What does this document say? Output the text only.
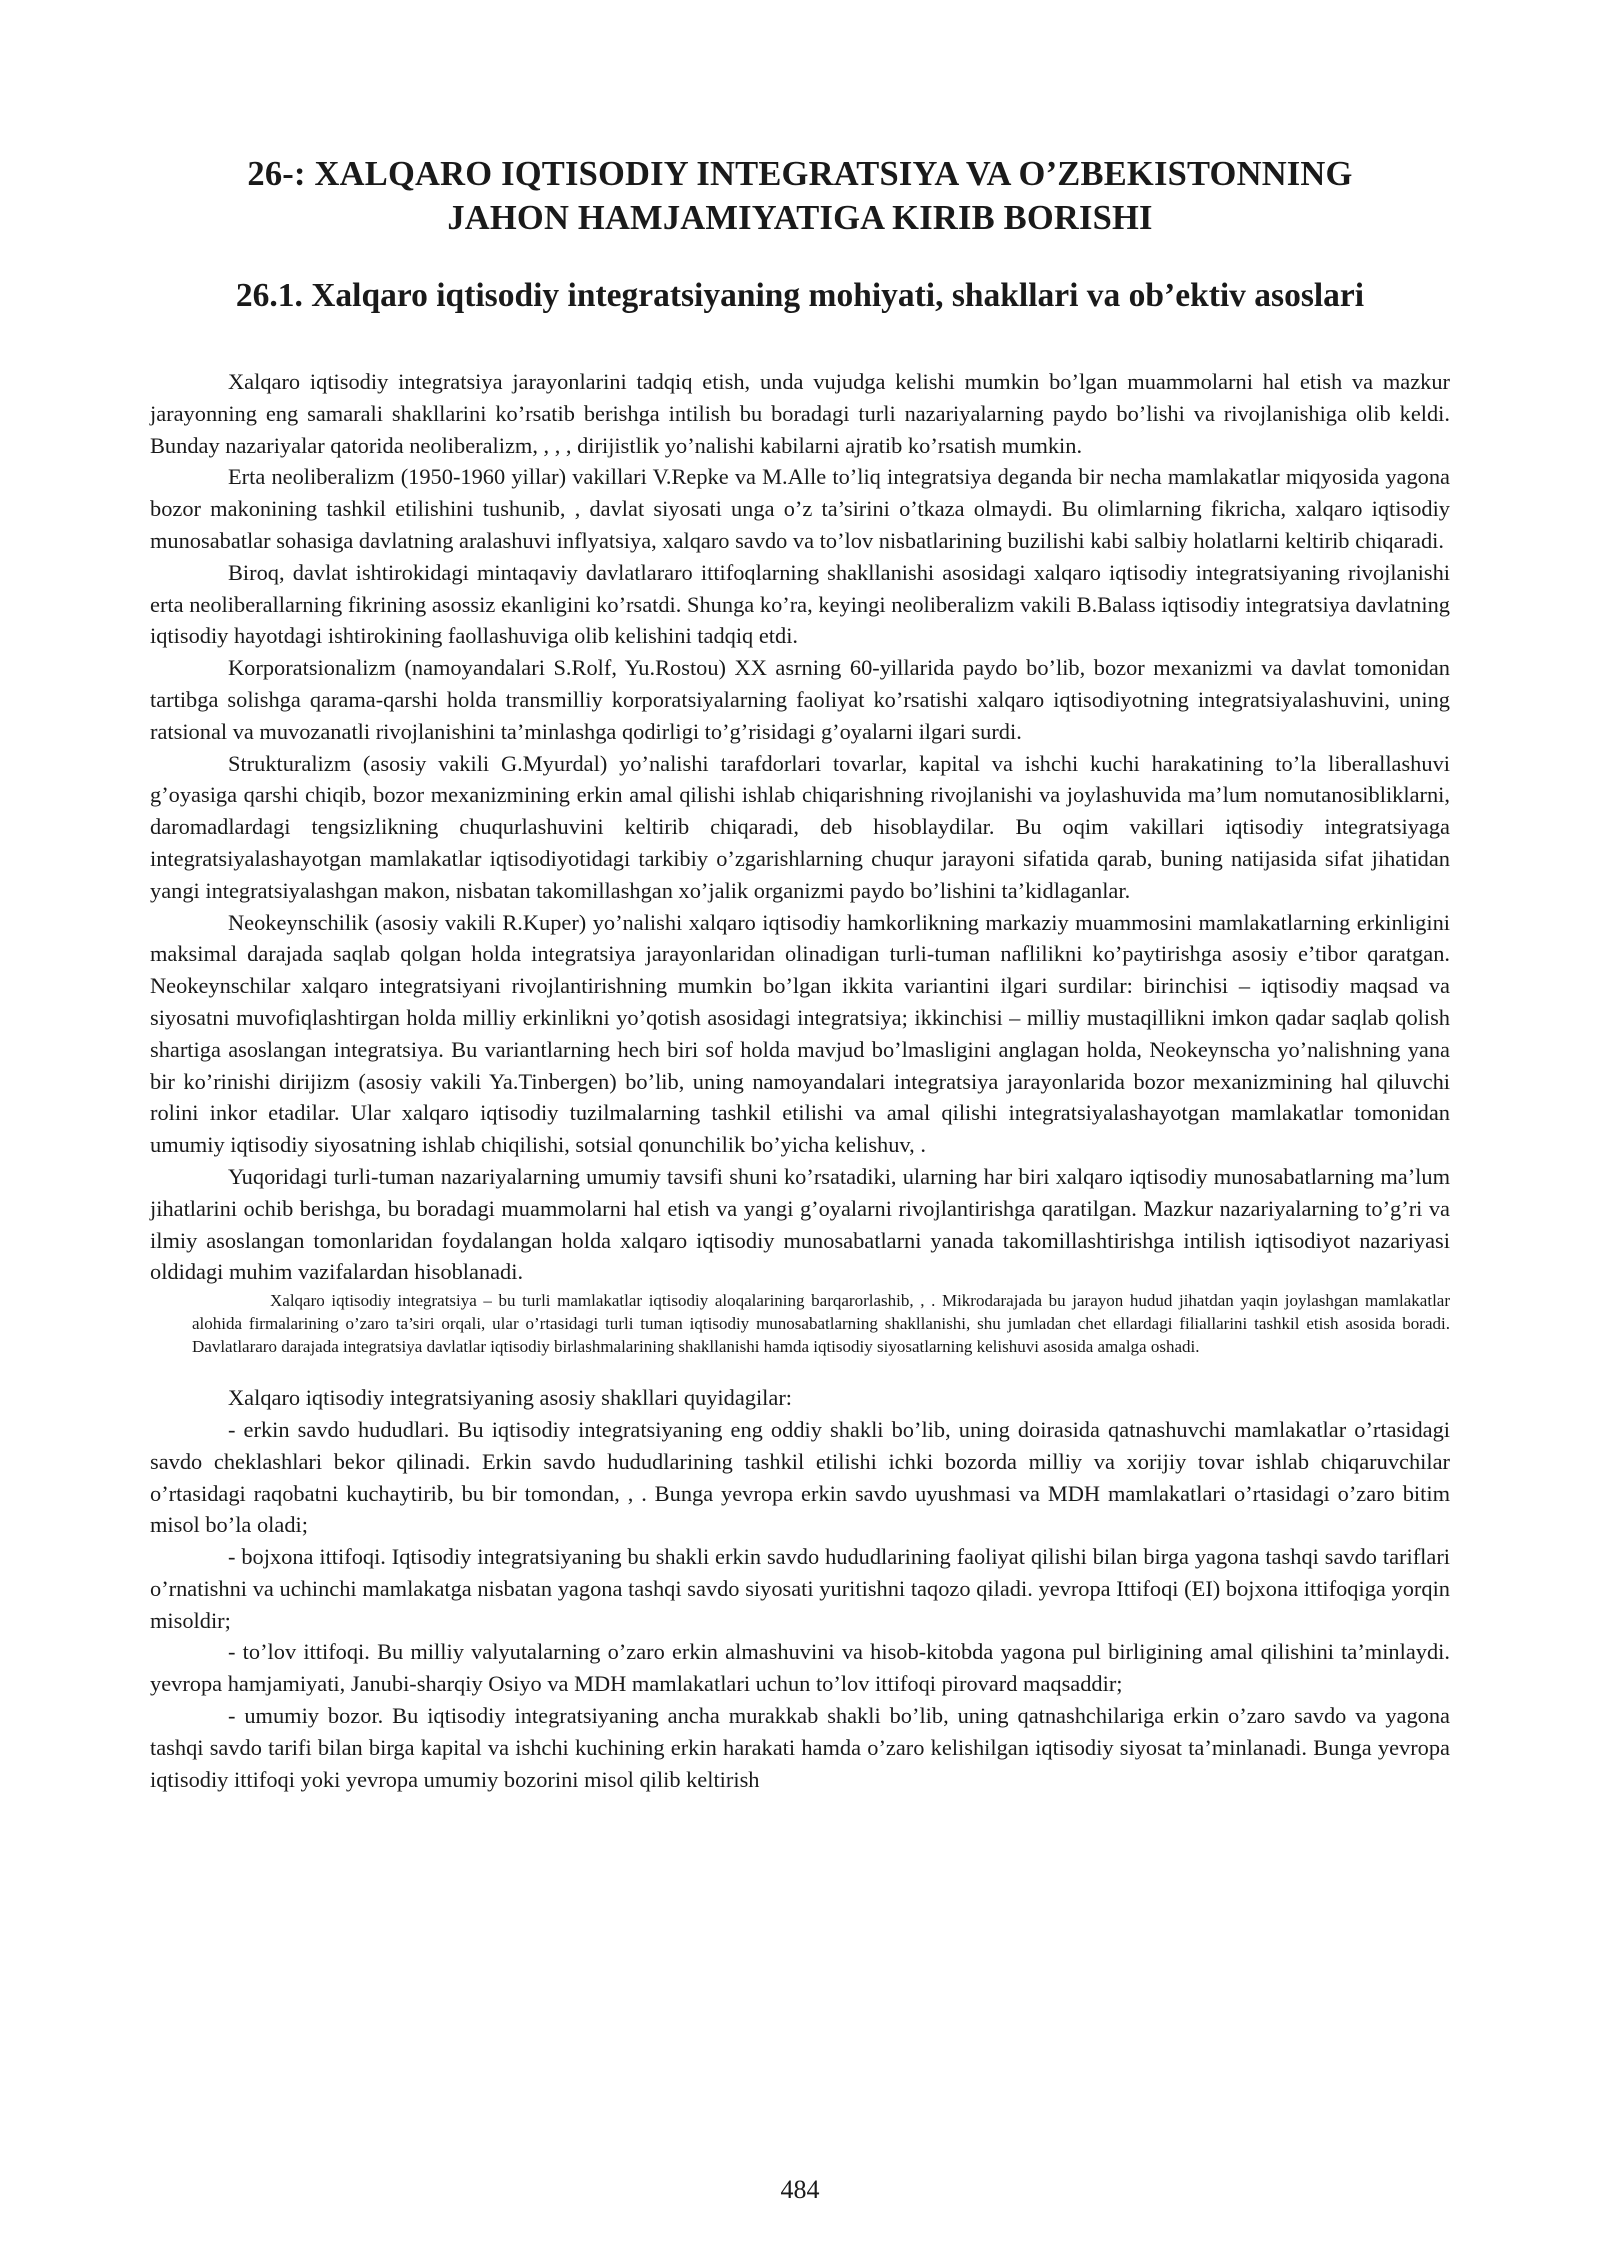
26-: XALQARO IQTISODIY INTEGRATSIYA VA O’ZBEKISTONNING
JAHON HAMJAMIYATIGA KIRIB BORISHI
26.1. Xalqaro iqtisodiy integratsiyaning mohiyati, shakllari va ob’ektiv asoslari

Xalqaro iqtisodiy integratsiya jarayonlarini tadqiq etish, unda vujudga kelishi mumkin bo’lgan muammolarni hal etish va mazkur jarayonning eng samarali shakllarini ko’rsatib berishga intilish bu boradagi turli nazariyalarning paydo bo’lishi va rivojlanishiga olib keldi. Bunday nazariyalar qatorida neoliberalizm, , , , dirijistlik yo’nalishi kabilarni ajratib ko’rsatish mumkin.

Erta neoliberalizm (1950-1960 yillar) vakillari V.Repke va M.Alle to’liq integratsiya deganda bir necha mamlakatlar miqyosida yagona bozor makonining tashkil etilishini tushunib, , davlat siyosati unga o’z ta’sirini o’tkaza olmaydi. Bu olimlarning fikricha, xalqaro iqtisodiy munosabatlar sohasiga davlatning aralashuvi inflyatsiya, xalqaro savdo va to’lov nisbatlarining buzilishi kabi salbiy holatlarni keltirib chiqaradi.

Biroq, davlat ishtirokidagi mintaqaviy davlatlararo ittifoqlarning shakllanishi asosidagi xalqaro iqtisodiy integratsiyaning rivojlanishi erta neoliberallarning fikrining asossiz ekanligini ko’rsatdi. Shunga ko’ra, keyingi neoliberalizm vakili B.Balass iqtisodiy integratsiya davlatning iqtisodiy hayotdagi ishtirokining faollashuviga olib kelishini tadqiq etdi.

Korporatsionalizm (namoyandalari S.Rolf, Yu.Rostou) XX asrning 60-yillarida paydo bo’lib, bozor mexanizmi va davlat tomonidan tartibga solishga qarama-qarshi holda transmilliy korporatsiyalarning faoliyat ko’rsatishi xalqaro iqtisodiyotning integratsiyalashuvini, uning ratsional va muvozanatli rivojlanishini ta’minlashga qodirligi to’g’risidagi g’oyalarni ilgari surdi.

Strukturalizm (asosiy vakili G.Myurdal) yo’nalishi tarafdorlari tovarlar, kapital va ishchi kuchi harakatining to’la liberallashuvi g’oyasiga qarshi chiqib, bozor mexanizmining erkin amal qilishi ishlab chiqarishning rivojlanishi va joylashuvida ma’lum nomutanosibliklarni, daromadlardagi tengsizlikning chuqurlashuvini keltirib chiqaradi, deb hisoblaydilar. Bu oqim vakillari iqtisodiy integratsiyaga integratsiyalashayotgan mamlakatlar iqtisodiyotidagi tarkibiy o’zgarishlarning chuqur jarayoni sifatida qarab, buning natijasida sifat jihatidan yangi integratsiyalashgan makon, nisbatan takomillashgan xo’jalik organizmi paydo bo’lishini ta’kidlaganlar.

Neokeynschilik (asosiy vakili R.Kuper) yo’nalishi xalqaro iqtisodiy hamkorlikning markaziy muammosini mamlakatlarning erkinligini maksimal darajada saqlab qolgan holda integratsiya jarayonlaridan olinadigan turli-tuman naflilikni ko’paytirishga asosiy e’tibor qaratgan. Neokeynschilar xalqaro integratsiyani rivojlantirishning mumkin bo’lgan ikkita variantini ilgari surdilar: birinchisi – iqtisodiy maqsad va siyosatni muvofiqlashtirgan holda milliy erkinlikni yo’qotish asosidagi integratsiya; ikkinchisi – milliy mustaqillikni imkon qadar saqlab qolish shartiga asoslangan integratsiya. Bu variantlarning hech biri sof holda mavjud bo’lmasligini anglagan holda, Neokeynscha yo’nalishning yana bir ko’rinishi dirijizm (asosiy vakili Ya.Tinbergen) bo’lib, uning namoyandalari integratsiya jarayonlarida bozor mexanizmining hal qiluvchi rolini inkor etadilar. Ular xalqaro iqtisodiy tuzilmalarning tashkil etilishi va amal qilishi integratsiyalashayotgan mamlakatlar tomonidan umumiy iqtisodiy siyosatning ishlab chiqilishi, sotsial qonunchilik bo’yicha kelishuv, .

Yuqoridagi turli-tuman nazariyalarning umumiy tavsifi shuni ko’rsatadiki, ularning har biri xalqaro iqtisodiy munosabatlarning ma’lum jihatlarini ochib berishga, bu boradagi muammolarni hal etish va yangi g’oyalarni rivojlantirishga qaratilgan. Mazkur nazariyalarning to’g’ri va ilmiy asoslangan tomonlaridan foydalangan holda xalqaro iqtisodiy munosabatlarni yanada takomillashtirishga intilish iqtisodiyot nazariyasi oldidagi muhim vazifalardan hisoblanadi.

Xalqaro iqtisodiy integratsiya – bu turli mamlakatlar iqtisodiy aloqalarining barqarorlashib, , . Mikrodarajada bu jarayon hudud jihatdan yaqin joylashgan mamlakatlar alohida firmalarining o’zaro ta’siri orqali, ular o’rtasidagi turli tuman iqtisodiy munosabatlarning shakllanishi, shu jumladan chet ellardagi filiallarini tashkil etish asosida boradi. Davlatlararo darajada integratsiya davlatlar iqtisodiy birlashmalarining shakllanishi hamda iqtisodiy siyosatlarning kelishuvi asosida amalga oshadi.

Xalqaro iqtisodiy integratsiyaning asosiy shakllari quyidagilar:

- erkin savdo hududlari. Bu iqtisodiy integratsiyaning eng oddiy shakli bo’lib, uning doirasida qatnashuvchi mamlakatlar o’rtasidagi savdo cheklashlari bekor qilinadi. Erkin savdo hududlarining tashkil etilishi ichki bozorda milliy va xorijiy tovar ishlab chiqaruvchilar o’rtasidagi raqobatni kuchaytirib, bu bir tomondan, , . Bunga yevropa erkin savdo uyushmasi va MDH mamlakatlari o’rtasidagi o’zaro bitim misol bo’la oladi;

- bojxona ittifoqi. Iqtisodiy integratsiyaning bu shakli erkin savdo hududlarining faoliyat qilishi bilan birga yagona tashqi savdo tariflari o’rnatishni va uchinchi mamlakatga nisbatan yagona tashqi savdo siyosati yuritishni taqozo qiladi. yevropa Ittifoqi (EI) bojxona ittifoqiga yorqin misoldir;

- to’lov ittifoqi. Bu milliy valyutalarning o’zaro erkin almashuvini va hisob-kitobda yagona pul birligining amal qilishini ta’minlaydi. yevropa hamjamiyati, Janubi-sharqiy Osiyo va MDH mamlakatlari uchun to’lov ittifoqi pirovard maqsaddir;

- umumiy bozor. Bu iqtisodiy integratsiyaning ancha murakkab shakli bo’lib, uning qatnashchilariga erkin o’zaro savdo va yagona tashqi savdo tarifi bilan birga kapital va ishchi kuchining erkin harakati hamda o’zaro kelishilgan iqtisodiy siyosat ta’minlanadi. Bunga yevropa iqtisodiy ittifoqi yoki yevropa umumiy bozorini misol qilib keltirish

484
